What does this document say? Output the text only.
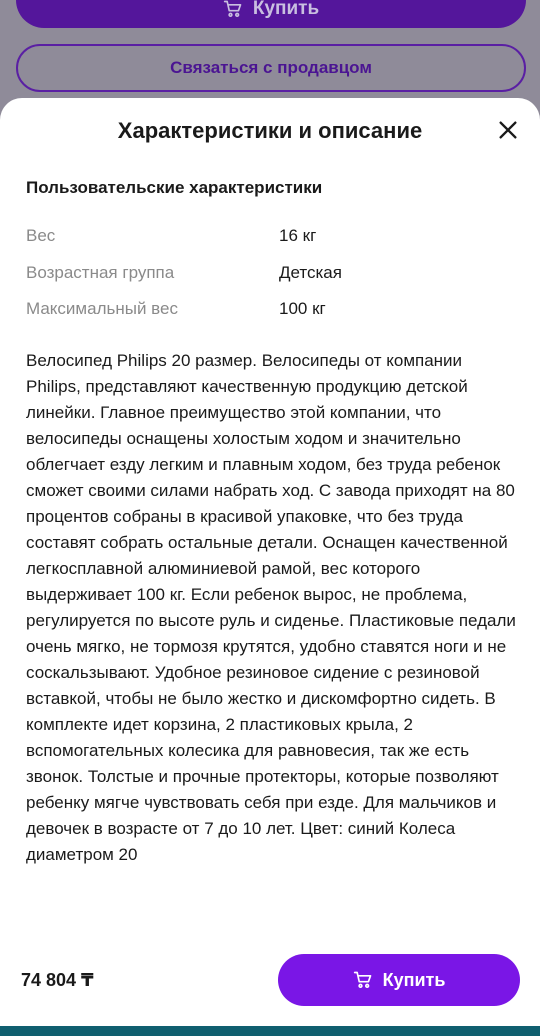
Купить
Связаться с продавцом
Характеристики и описание
Пользовательские характеристики
Вес	16 кг
Возрастная группа	Детская
Максимальный вес	100 кг

Велосипед Philips 20 размер. Велосипеды от компании Philips, представляют качественную продукцию детской линейки. Главное преимущество этой компании, что велосипеды оснащены холостым ходом и значительно облегчает езду легким и плавным ходом, без труда ребенок сможет своими силами набрать ход. С завода приходят на 80 процентов собраны в красивой упаковке, что без труда составят собрать остальные детали. Оснащен качественной легкосплавной алюминиевой рамой, вес которого выдерживает 100 кг. Если ребенок вырос, не проблема, регулируется по высоте руль и сиденье. Пластиковые педали очень мягко, не тормозя крутятся, удобно ставятся ноги и не соскальзывают. Удобное резиновое сидение с резиновой вставкой, чтобы не было жестко и дискомфортно сидеть. В комплекте идет корзина, 2 пластиковых крыла, 2 вспомогательных колесика для равновесия, так же есть звонок. Толстые и прочные протекторы, которые позволяют ребенку мягче чувствовать себя при езде. Для мальчиков и девочек в возрасте от 7 до 10 лет. Цвет: синий Колеса диаметром 20

74 804 ₸	Купить
